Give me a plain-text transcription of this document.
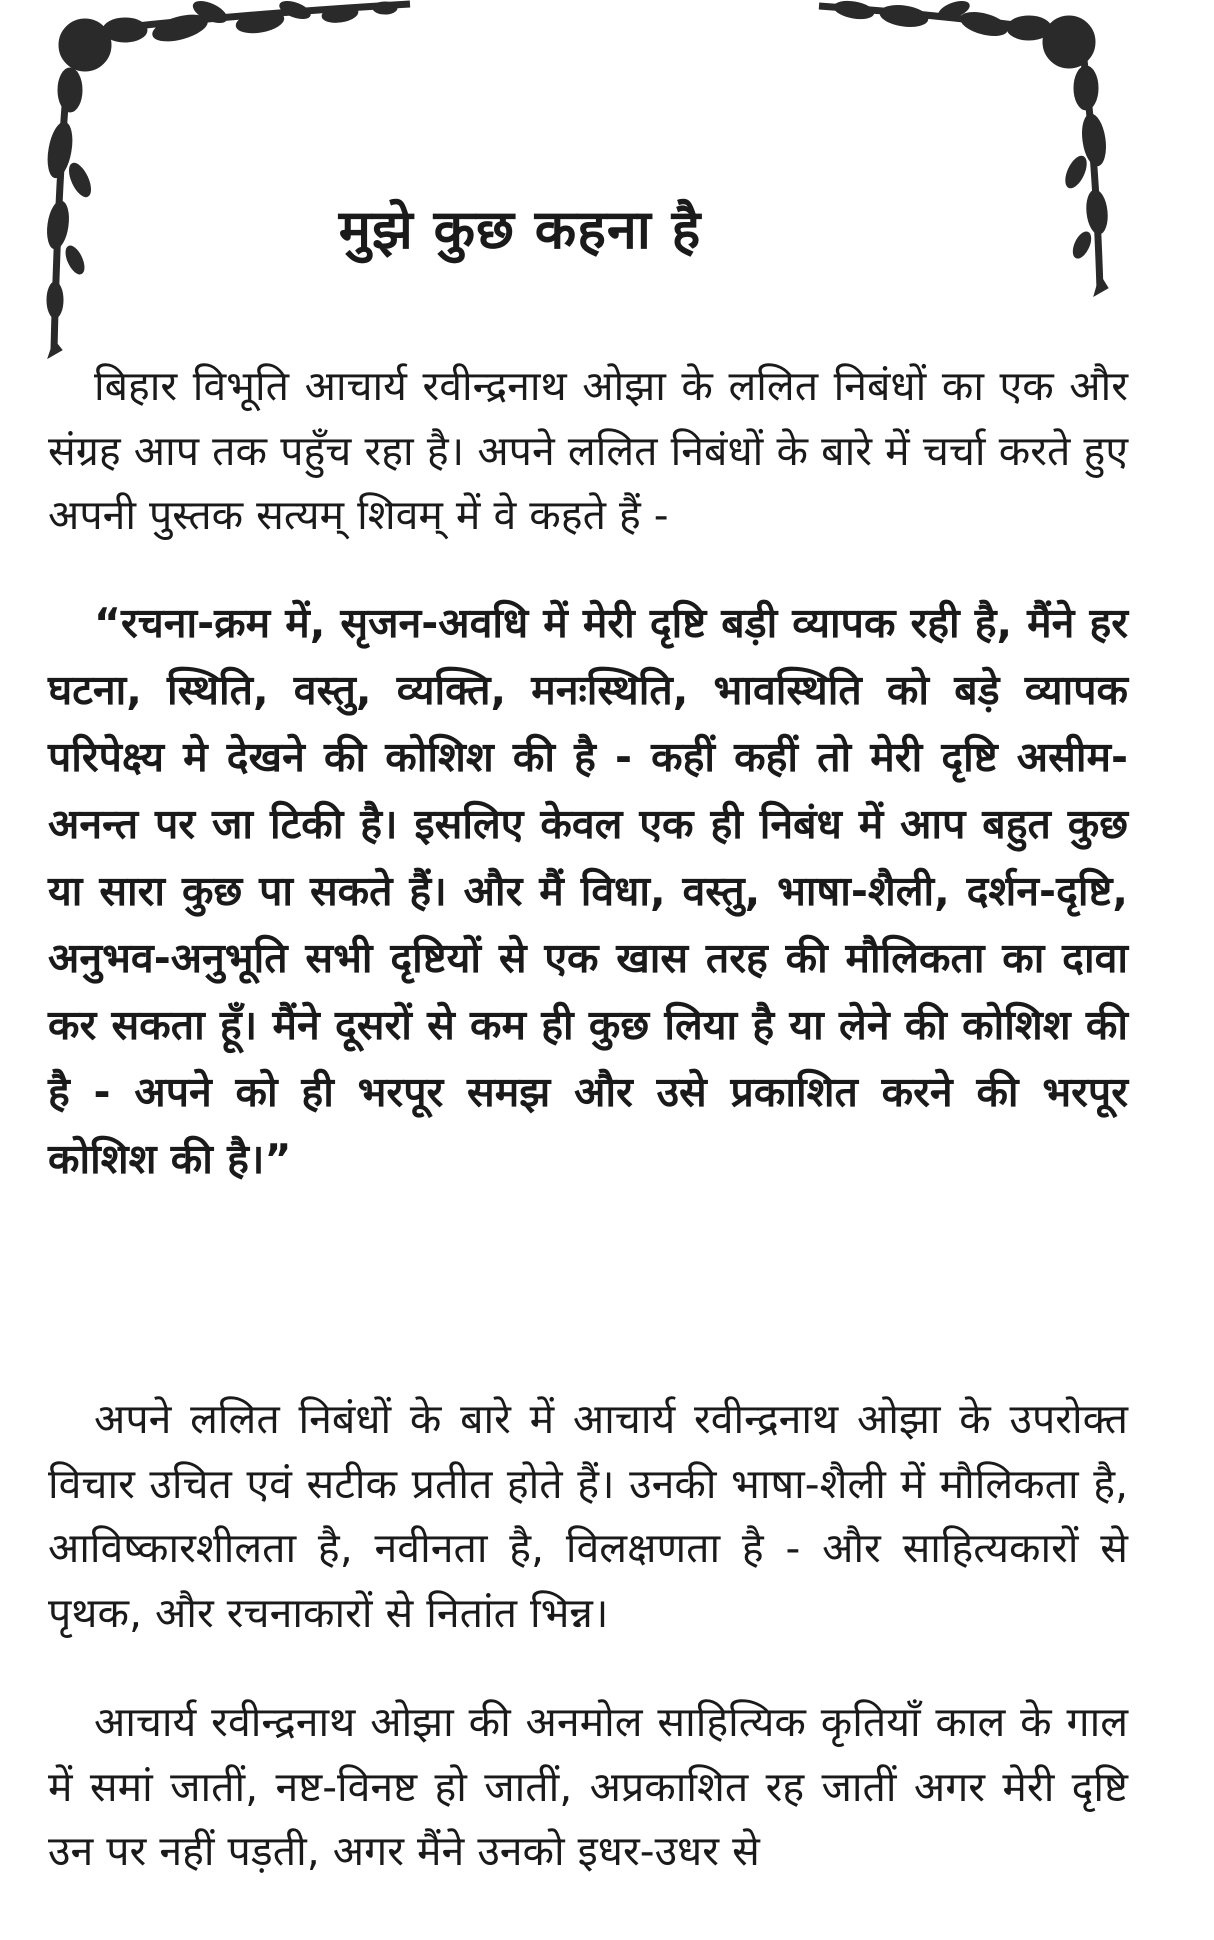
मुझे कुछ कहना है

बिहार विभूति आचार्य रवीन्द्रनाथ ओझा के ललित निबंधों का एक और संग्रह आप तक पहुँच रहा है। अपने ललित निबंधों के बारे में चर्चा करते हुए अपनी पुस्तक सत्यम् शिवम् में वे कहते हैं -

“रचना-क्रम में, सृजन-अवधि में मेरी दृष्टि बड़ी व्यापक रही है, मैंने हर घटना, स्थिति, वस्तु, व्यक्ति, मनःस्थिति, भावस्थिति को बड़े व्यापक परिपेक्ष्य मे देखने की कोशिश की है - कहीं कहीं तो मेरी दृष्टि असीम-अनन्त पर जा टिकी है। इसलिए केवल एक ही निबंध में आप बहुत कुछ या सारा कुछ पा सकते हैं। और मैं विधा, वस्तु, भाषा-शैली, दर्शन-दृष्टि, अनुभव-अनुभूति सभी दृष्टियों से एक खास तरह की मौलिकता का दावा कर सकता हूँ। मैंने दूसरों से कम ही कुछ लिया है या लेने की कोशिश की है - अपने को ही भरपूर समझ और उसे प्रकाशित करने की भरपूर कोशिश की है।”

अपने ललित निबंधों के बारे में आचार्य रवीन्द्रनाथ ओझा के उपरोक्त विचार उचित एवं सटीक प्रतीत होते हैं। उनकी भाषा-शैली में मौलिकता है, आविष्कारशीलता है, नवीनता है, विलक्षणता है - और साहित्यकारों से पृथक, और रचनाकारों से नितांत भिन्न।

आचार्य रवीन्द्रनाथ ओझा की अनमोल साहित्यिक कृतियाँ काल के गाल में समां जातीं, नष्ट-विनष्ट हो जातीं, अप्रकाशित रह जातीं अगर मेरी दृष्टि उन पर नहीं पड़ती, अगर मैंने उनको इधर-उधर से
